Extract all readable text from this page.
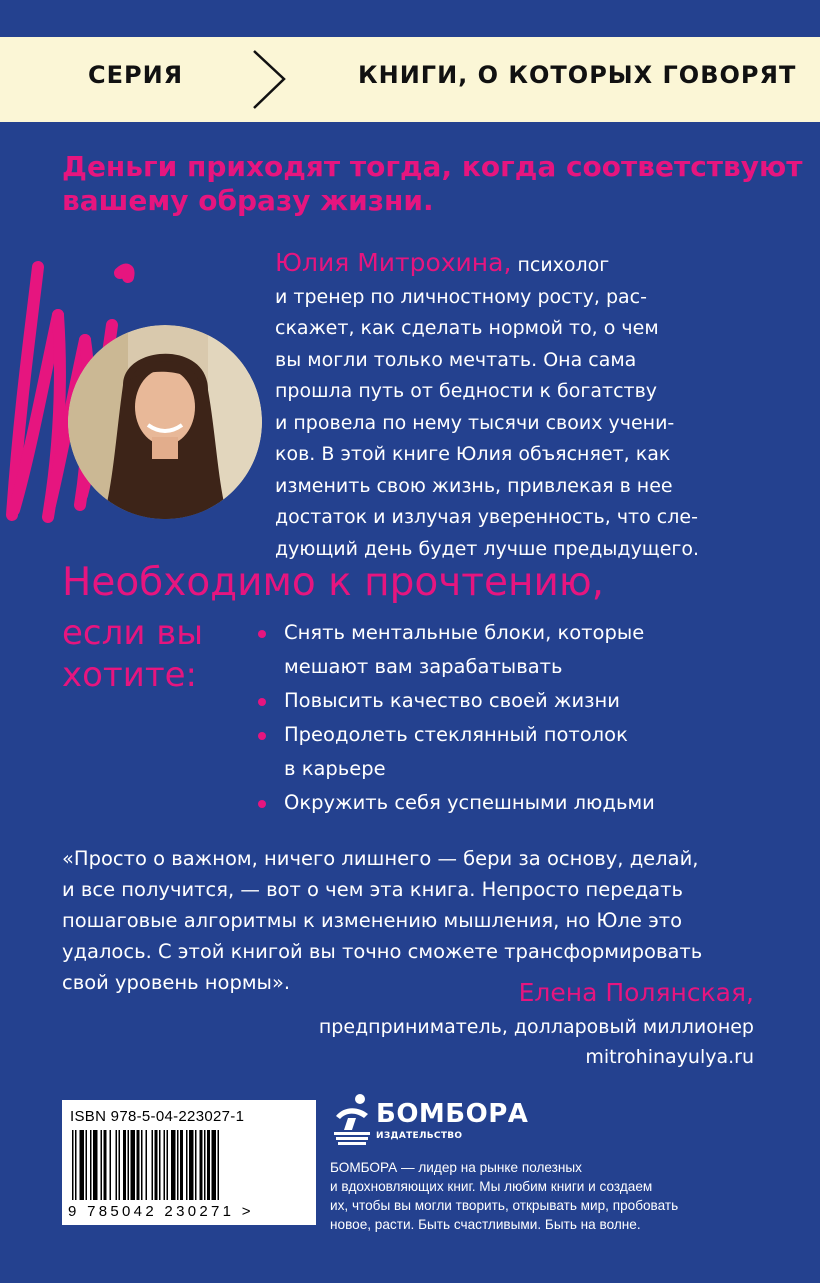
СЕРИЯ	КНИГИ, О КОТОРЫХ ГОВОРЯТ
Деньги приходят тогда, когда соответствуют
вашему образу жизни.
Юлия Митрохина, психолог
и тренер по личностному росту, рас-
скажет, как сделать нормой то, о чем
вы могли только мечтать. Она сама
прошла путь от бедности к богатству
и провела по нему тысячи своих учени-
ков. В этой книге Юлия объясняет, как
изменить свою жизнь, привлекая в нее
достаток и излучая уверенность, что сле-
дующий день будет лучше предыдущего.
Необходимо к прочтению,
если вы
хотите:
Снять ментальные блоки, которые
мешают вам зарабатывать
Повысить качество своей жизни
Преодолеть стеклянный потолок
в карьере
Окружить себя успешными людьми
«Просто о важном, ничего лишнего — бери за основу, делай,
и все получится, — вот о чем эта книга. Непросто передать
пошаговые алгоритмы к изменению мышления, но Юле это
удалось. С этой книгой вы точно сможете трансформировать
свой уровень нормы».	Елена Полянская,
предприниматель, долларовый миллионер
mitrohinayulya.ru
ISBN 978-5-04-223027-1
9 785042 230271 >
БОМБОРА
ИЗДАТЕЛЬСТВО
БОМБОРА — лидер на рынке полезных
и вдохновляющих книг. Мы любим книги и создаем
их, чтобы вы могли творить, открывать мир, пробовать
новое, расти. Быть счастливыми. Быть на волне.
